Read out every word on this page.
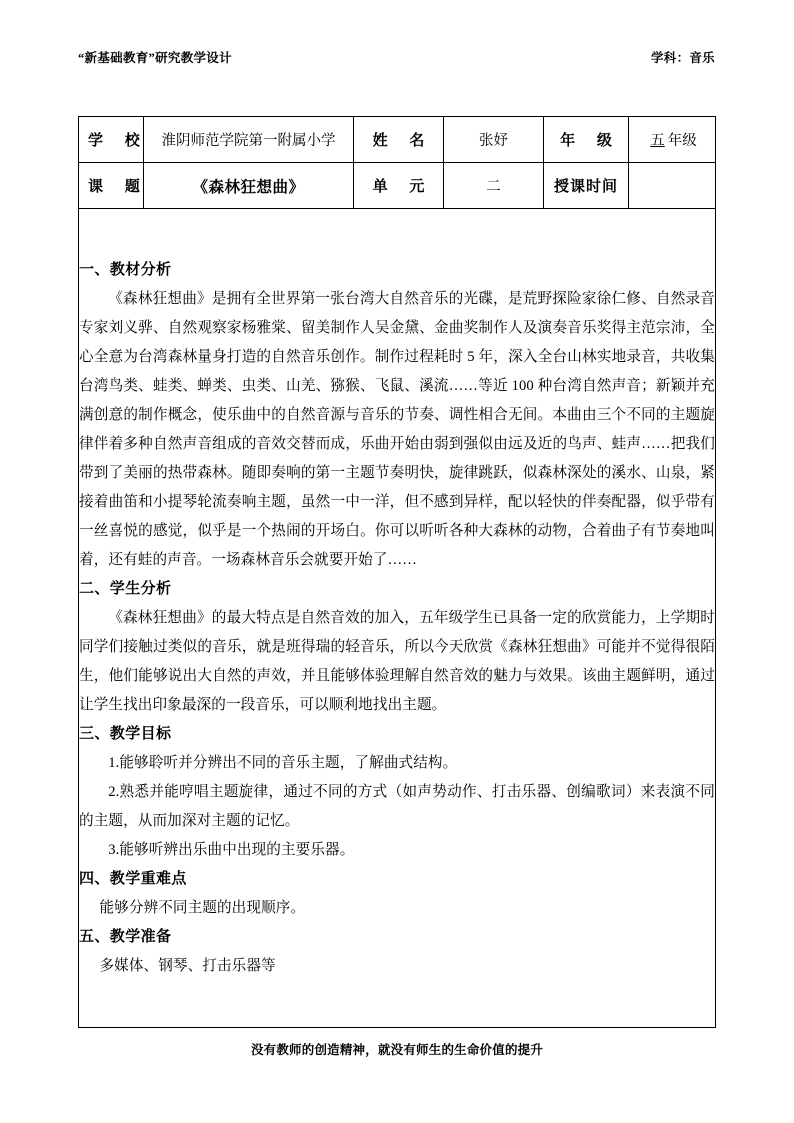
“新基础教育”研究教学设计	学科：音乐
学 校	淮阴师范学院第一附属小学	姓 名	张妤	年 级	五 年级
课 题	《森林狂想曲》	单 元	二	授课时间	

一、教材分析

《森林狂想曲》是拥有全世界第一张台湾大自然音乐的光碟，是荒野探险家徐仁修、自然录音专家刘义骅、自然观察家杨雅棠、留美制作人吴金黛、金曲奖制作人及演奏音乐奖得主范宗沛，全心全意为台湾森林量身打造的自然音乐创作。制作过程耗时 5 年，深入全台山林实地录音，共收集台湾鸟类、蛙类、蝉类、虫类、山羌、猕猴、飞鼠、溪流……等近 100 种台湾自然声音；新颖并充满创意的制作概念，使乐曲中的自然音源与音乐的节奏、调性相合无间。本曲由三个不同的主题旋律伴着多种自然声音组成的音效交替而成，乐曲开始由弱到强似由远及近的鸟声、蛙声……把我们带到了美丽的热带森林。随即奏响的第一主题节奏明快，旋律跳跃，似森林深处的溪水、山泉，紧接着曲笛和小提琴轮流奏响主题，虽然一中一洋，但不感到异样，配以轻快的伴奏配器，似乎带有一丝喜悦的感觉，似乎是一个热闹的开场白。你可以听听各种大森林的动物，合着曲子有节奏地叫着，还有蛙的声音。一场森林音乐会就要开始了……

二、学生分析

《森林狂想曲》的最大特点是自然音效的加入，五年级学生已具备一定的欣赏能力，上学期时同学们接触过类似的音乐，就是班得瑞的轻音乐，所以今天欣赏《森林狂想曲》可能并不觉得很陌生，他们能够说出大自然的声效，并且能够体验理解自然音效的魅力与效果。该曲主题鲜明，通过让学生找出印象最深的一段音乐，可以顺利地找出主题。

三、教学目标

1.能够聆听并分辨出不同的音乐主题，了解曲式结构。

2.熟悉并能哼唱主题旋律，通过不同的方式（如声势动作、打击乐器、创编歌词）来表演不同的主题，从而加深对主题的记忆。

3.能够听辨出乐曲中出现的主要乐器。

四、教学重难点

能够分辨不同主题的出现顺序。

五、教学准备

多媒体、钢琴、打击乐器等

没有教师的创造精神，就没有师生的生命价值的提升
